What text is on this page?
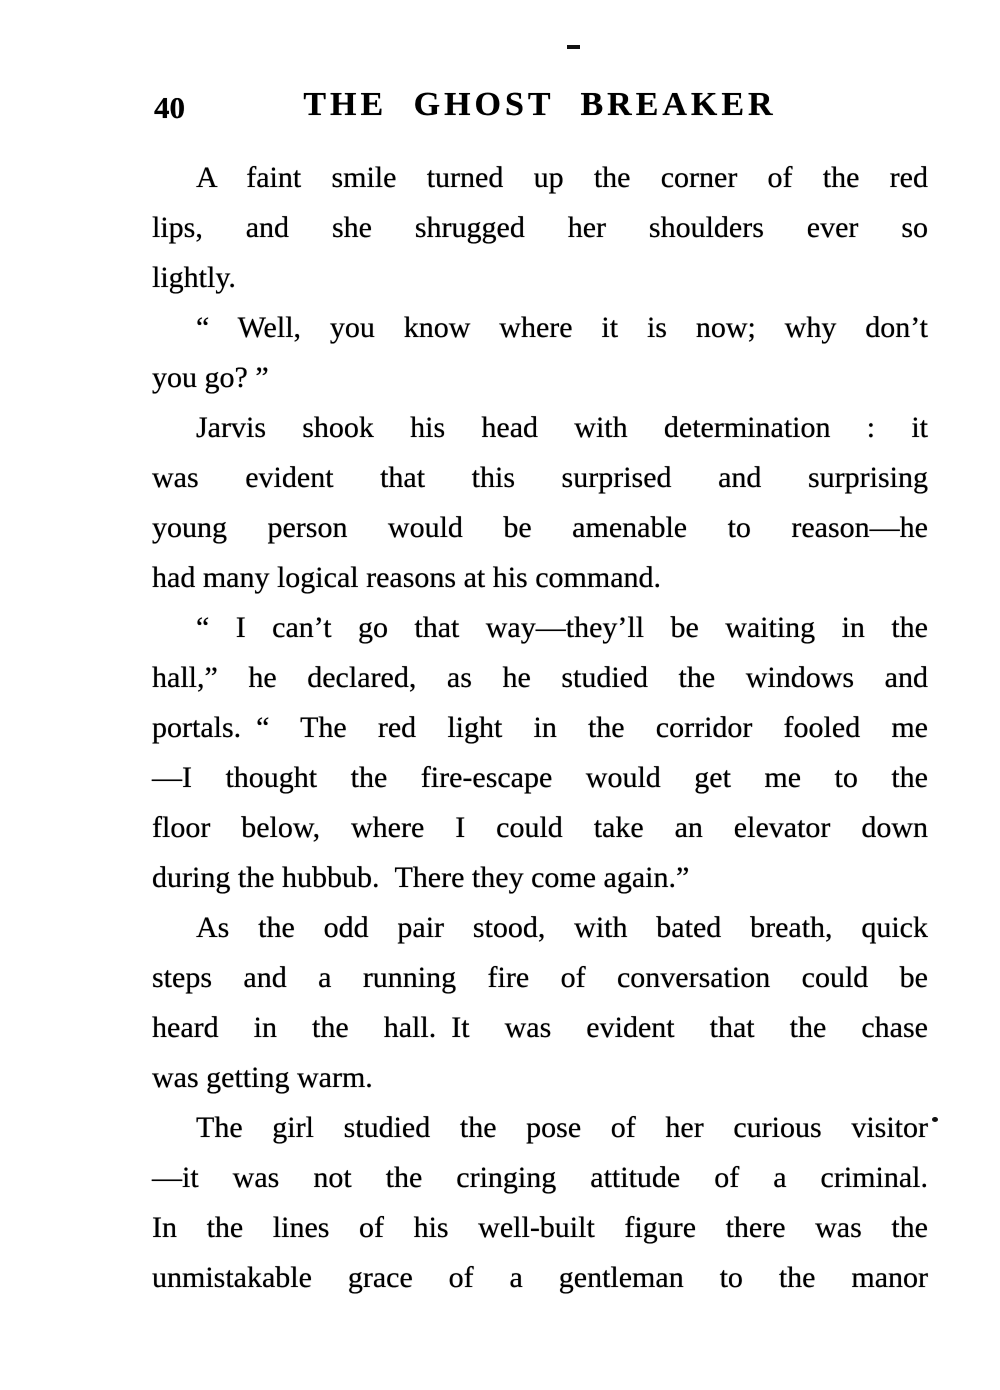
40	THE GHOST BREAKER
A faint smile turned up the corner of the red
lips, and she shrugged her shoulders ever so
lightly.
“ Well, you know where it is now; why don’t
you go? ”
Jarvis shook his head with determination : it
was evident that this surprised and surprising
young person would be amenable to reason—he
had many logical reasons at his command.
“ I can’t go that way—they’ll be waiting in the
hall,” he declared, as he studied the windows and
portals. “ The red light in the corridor fooled me
—I thought the fire-escape would get me to the
floor below, where I could take an elevator down
during the hubbub. There they come again.”
As the odd pair stood, with bated breath, quick
steps and a running fire of conversation could be
heard in the hall. It was evident that the chase
was getting warm.
The girl studied the pose of her curious visitor
—it was not the cringing attitude of a criminal.
In the lines of his well-built figure there was the
unmistakable grace of a gentleman to the manor
